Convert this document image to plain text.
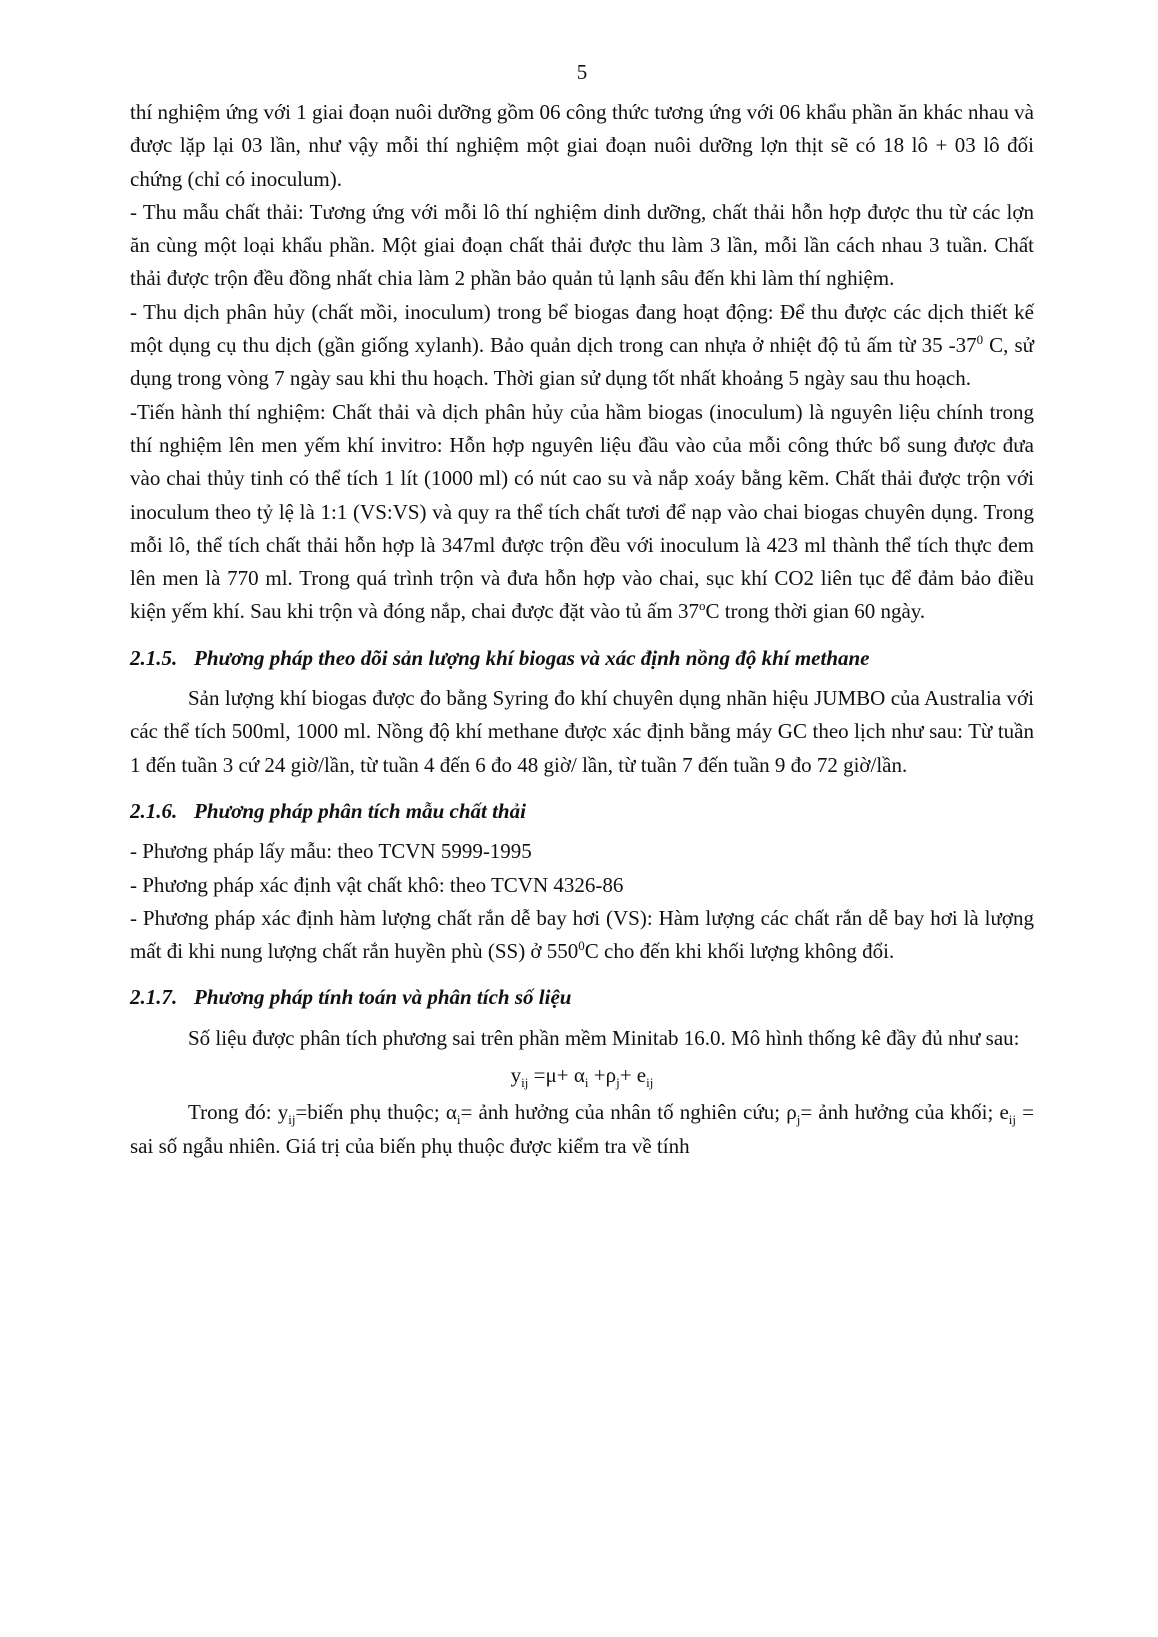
5

thí nghiệm ứng với 1 giai đoạn nuôi dưỡng gồm 06 công thức tương ứng với 06 khẩu phần ăn khác nhau và được lặp lại 03 lần, như vậy mỗi thí nghiệm một giai đoạn nuôi dưỡng lợn thịt sẽ có 18 lô + 03 lô đối chứng (chỉ có inoculum).

- Thu mẫu chất thải: Tương ứng với mỗi lô thí nghiệm dinh dưỡng, chất thải hỗn hợp được thu từ các lợn ăn cùng một loại khẩu phần. Một giai đoạn chất thải được thu làm 3 lần, mỗi lần cách nhau 3 tuần. Chất thải được trộn đều đồng nhất chia làm 2 phần bảo quản tủ lạnh sâu đến khi làm thí nghiệm.

- Thu dịch phân hủy (chất mồi, inoculum) trong bể biogas đang hoạt động: Để thu được các dịch thiết kế một dụng cụ thu dịch (gần giống xylanh). Bảo quản dịch trong can nhựa ở nhiệt độ tủ ấm từ 35 $-37^0$ C, sử dụng trong vòng 7 ngày sau khi thu hoạch. Thời gian sử dụng tốt nhất khoảng 5 ngày sau thu hoạch.

-Tiến hành thí nghiệm: Chất thải và dịch phân hủy của hầm biogas (inoculum) là nguyên liệu chính trong thí nghiệm lên men yếm khí invitro: Hỗn hợp nguyên liệu đầu vào của mỗi công thức bổ sung được đưa vào chai thủy tinh có thể tích 1 lít (1000 ml) có nút cao su và nắp xoáy bằng kẽm. Chất thải được trộn với inoculum theo tỷ lệ là 1:1 (VS:VS) và quy ra thể tích chất tươi để nạp vào chai biogas chuyên dụng. Trong mỗi lô, thể tích chất thải hỗn hợp là 347ml được trộn đều với inoculum là 423 ml thành thể tích thực đem lên men là 770 ml. Trong quá trình trộn và đưa hỗn hợp vào chai, sục khí CO2 liên tục để đảm bảo điều kiện yếm khí. Sau khi trộn và đóng nắp, chai được đặt vào tủ ấm 37$^o$C trong thời gian 60 ngày.

2.1.5. Phương pháp theo dõi sản lượng khí biogas và xác định nồng độ khí methane

Sản lượng khí biogas được đo bằng Syring đo khí chuyên dụng nhãn hiệu JUMBO của Australia với các thể tích 500ml, 1000 ml. Nồng độ khí methane được xác định bằng máy GC theo lịch như sau: Từ tuần 1 đến tuần 3 cứ 24 giờ/lần, từ tuần 4 đến 6 đo 48 giờ/ lần, từ tuần 7 đến tuần 9 đo 72 giờ/lần.

2.1.6. Phương pháp phân tích mẫu chất thải

- Phương pháp lấy mẫu: theo TCVN 5999-1995

- Phương pháp xác định vật chất khô: theo TCVN 4326-86

- Phương pháp xác định hàm lượng chất rắn dễ bay hơi (VS): Hàm lượng các chất rắn dễ bay hơi là lượng mất đi khi nung lượng chất rắn huyền phù (SS) ở $550^0C$ cho đến khi khối lượng không đổi.

2.1.7. Phương pháp tính toán và phân tích số liệu

Số liệu được phân tích phương sai trên phần mềm Minitab 16.0. Mô hình thống kê đầy đủ như sau:

$y_{ij} =\mu+ \alpha_i +\rho_j+ e_{ij}$

Trong đó: $y_{ij}=biến$ phụ thuộc; $\alpha_i=$ ảnh hưởng của nhân tố nghiên cứu; $\rho_j=$ ảnh hưởng của khối; $e_{ij}$ = sai số ngẫu nhiên. Giá trị của biến phụ thuộc được kiểm tra về tính
